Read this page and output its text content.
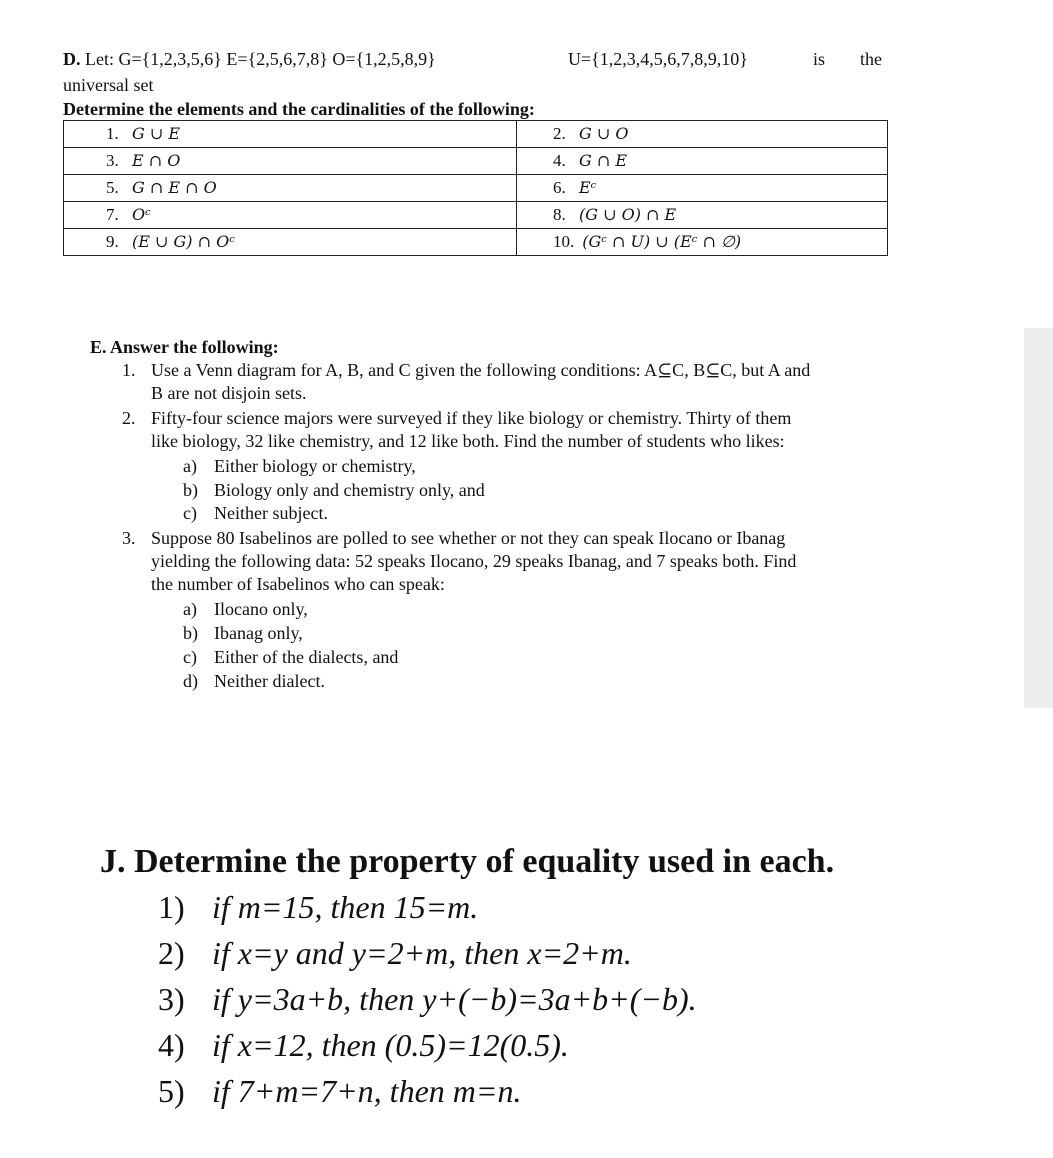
D. Let: G={1,2,3,5,6} E={2,5,6,7,8} O={1,2,5,8,9}	U={1,2,3,4,5,6,7,8,9,10}	is the
universal set
Determine the elements and the cardinalities of the following:
1. G ∪ E	2. G ∪ O

3. E ∩ O	4. G ∩ E

5. G ∩ E ∩ O	6. Eᶜ

7. Oᶜ	8. (G ∪ O) ∩ E

9. (E ∪ G) ∩ Oᶜ	10. (Gᶜ ∩ U) ∪ (Eᶜ ∩ ∅)
E. Answer the following:
1. Use a Venn diagram for A, B, and C given the following conditions: A⊆C, B⊆C, but A and
B are not disjoin sets.
2. Fifty-four science majors were surveyed if they like biology or chemistry. Thirty of them
like biology, 32 like chemistry, and 12 like both. Find the number of students who likes:
a) Either biology or chemistry,
b) Biology only and chemistry only, and
c) Neither subject.
3. Suppose 80 Isabelinos are polled to see whether or not they can speak Ilocano or Ibanag
yielding the following data: 52 speaks Ilocano, 29 speaks Ibanag, and 7 speaks both. Find
the number of Isabelinos who can speak:
a) Ilocano only,
b) Ibanag only,
c) Either of the dialects, and
d) Neither dialect.
J. Determine the property of equality used in each.
1) if m=15, then 15=m.
2) if x=y and y=2+m, then x=2+m.
3) if y=3a+b, then y+(−b)=3a+b+(−b).
4) if x=12, then (0.5)=12(0.5).
5) if 7+m=7+n, then m=n.
